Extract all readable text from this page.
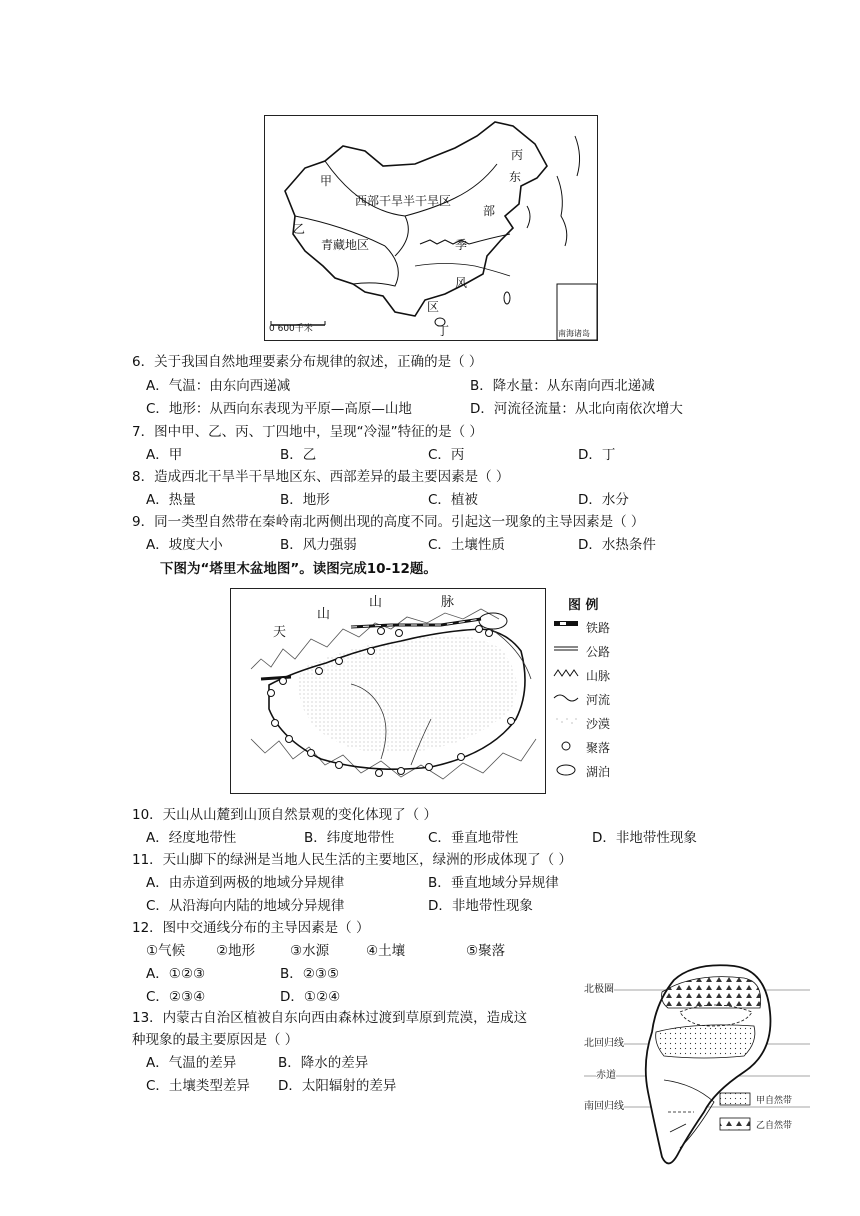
甲
乙
丙
丁
西部干旱半干旱区
青藏地区
东
部
季
风
区
0 600千米	南海诸岛
6．关于我国自然地理要素分布规律的叙述，正确的是（ ）
A．气温：由东向西递减	B．降水量：从东南向西北递减
C．地形：从西向东表现为平原—高原—山地	D．河流径流量：从北向南依次增大
7．图中甲、乙、丙、丁四地中，呈现“冷湿”特征的是（ ）
A．甲	B．乙	C．丙	D．丁
8．造成西北干旱半干旱地区东、西部差异的最主要因素是（ ）
A．热量	B．地形	C．植被	D．水分
9．同一类型自然带在秦岭南北两侧出现的高度不同。引起这一现象的主导因素是（ ）
A．坡度大小	B．风力强弱	C．土壤性质	D．水热条件
下图为“塔里木盆地图”。读图完成10-12题。
天
山
山	脉	图 例
铁路
公路
山脉
河流
沙漠
聚落
湖泊
10．天山从山麓到山顶自然景观的变化体现了（ ）
A．经度地带性	B．纬度地带性 C．垂直地带性	D．非地带性现象
11．天山脚下的绿洲是当地人民生活的主要地区，绿洲的形成体现了（ ）
A．由赤道到两极的地域分异规律	B．垂直地域分异规律
C．从沿海向内陆的地域分异规律	D．非地带性现象
12．图中交通线分布的主导因素是（ ）
①气候 ②地形	③水源	④土壤	⑤聚落
A．①②③	B．②③⑤
C．②③④	D．①②④
13．内蒙古自治区植被自东向西由森林过渡到草原到荒漠，造成这
种现象的最主要原因是（ ）
A．气温的差异	B．降水的差异
C．土壤类型差异 D．太阳辐射的差异
北极圈
北回归线
赤道
南回归线	甲自然带
乙自然带
